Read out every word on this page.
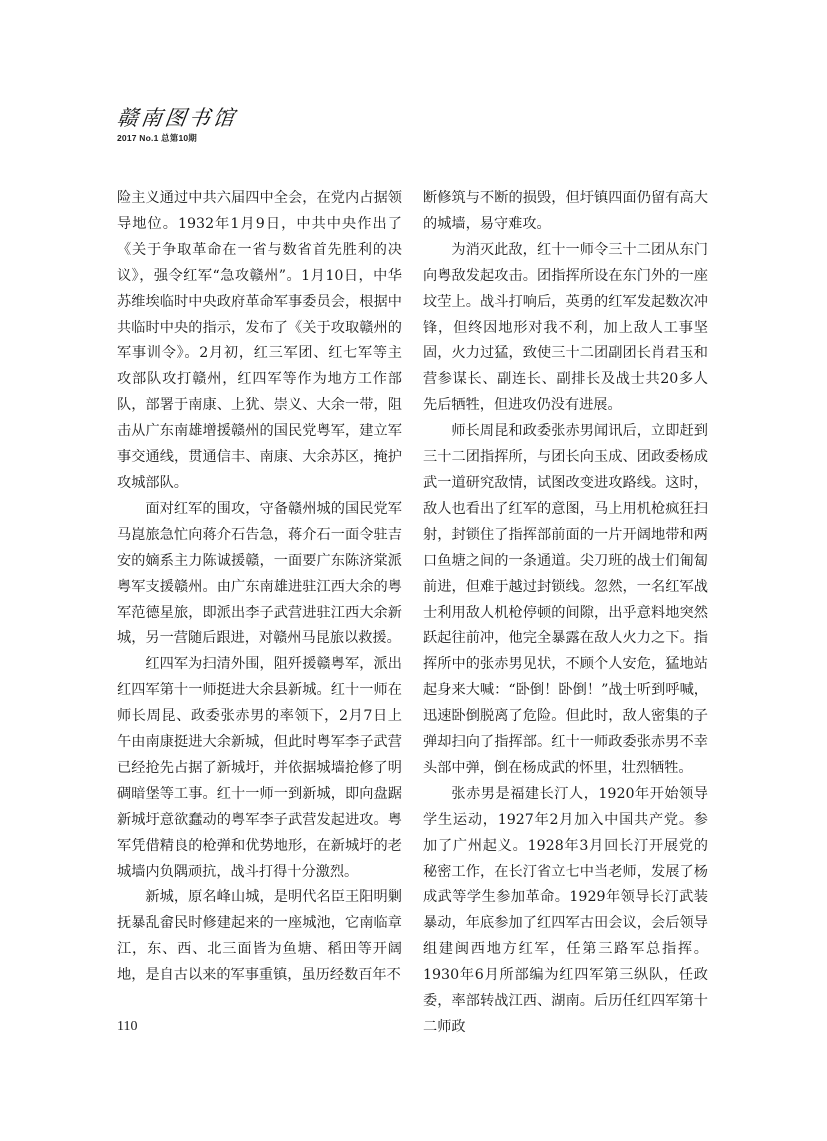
赣南图书馆
2017 No.1 总第10期

险主义通过中共六届四中全会，在党内占据领导地位。1932年1月9日，中共中央作出了《关于争取革命在一省与数省首先胜利的决议》，强令红军“急攻赣州”。1月10日，中华苏维埃临时中央政府革命军事委员会，根据中共临时中央的指示，发布了《关于攻取赣州的军事训令》。2月初，红三军团、红七军等主攻部队攻打赣州，红四军等作为地方工作部队，部署于南康、上犹、崇义、大余一带，阻击从广东南雄增援赣州的国民党粤军，建立军事交通线，贯通信丰、南康、大余苏区，掩护攻城部队。

面对红军的围攻，守备赣州城的国民党军马崑旅急忙向蒋介石告急，蒋介石一面令驻吉安的嫡系主力陈诚援赣，一面要广东陈济棠派粤军支援赣州。由广东南雄进驻江西大余的粤军范德星旅，即派出李子武营进驻江西大余新城，另一营随后跟进，对赣州马昆旅以救援。

红四军为扫清外围，阻歼援赣粤军，派出红四军第十一师挺进大余县新城。红十一师在师长周昆、政委张赤男的率领下，2月7日上午由南康挺进大余新城，但此时粤军李子武营已经抢先占据了新城圩，并依据城墙抢修了明碉暗堡等工事。红十一师一到新城，即向盘踞新城圩意欲蠢动的粤军李子武营发起进攻。粤军凭借精良的枪弹和优势地形，在新城圩的老城墙内负隅顽抗，战斗打得十分激烈。

新城，原名峰山城，是明代名臣王阳明剿抚暴乱畲民时修建起来的一座城池，它南临章江，东、西、北三面皆为鱼塘、稻田等开阔地，是自古以来的军事重镇，虽历经数百年不

断修筑与不断的损毁，但圩镇四面仍留有高大的城墙，易守难攻。

为消灭此敌，红十一师令三十二团从东门向粤敌发起攻击。团指挥所设在东门外的一座坟茔上。战斗打响后，英勇的红军发起数次冲锋，但终因地形对我不利，加上敌人工事坚固，火力过猛，致使三十二团副团长肖君玉和营参谋长、副连长、副排长及战士共20多人先后牺牲，但进攻仍没有进展。

师长周昆和政委张赤男闻讯后，立即赶到三十二团指挥所，与团长向玉成、团政委杨成武一道研究敌情，试图改变进攻路线。这时，敌人也看出了红军的意图，马上用机枪疯狂扫射，封锁住了指挥部前面的一片开阔地带和两口鱼塘之间的一条通道。尖刀班的战士们匍匐前进，但难于越过封锁线。忽然，一名红军战士利用敌人机枪停顿的间隙，出乎意料地突然跃起往前冲，他完全暴露在敌人火力之下。指挥所中的张赤男见状，不顾个人安危，猛地站起身来大喊：“卧倒！卧倒！”战士听到呼喊，迅速卧倒脱离了危险。但此时，敌人密集的子弹却扫向了指挥部。红十一师政委张赤男不幸头部中弹，倒在杨成武的怀里，壮烈牺牲。

张赤男是福建长汀人，1920年开始领导学生运动，1927年2月加入中国共产党。参加了广州起义。1928年3月回长汀开展党的秘密工作，在长汀省立七中当老师，发展了杨成武等学生参加革命。1929年领导长汀武装暴动，年底参加了红四军古田会议，会后领导组建闽西地方红军，任第三路军总指挥。1930年6月所部编为红四军第三纵队，任政委，率部转战江西、湖南。后历任红四军第十二师政

110
